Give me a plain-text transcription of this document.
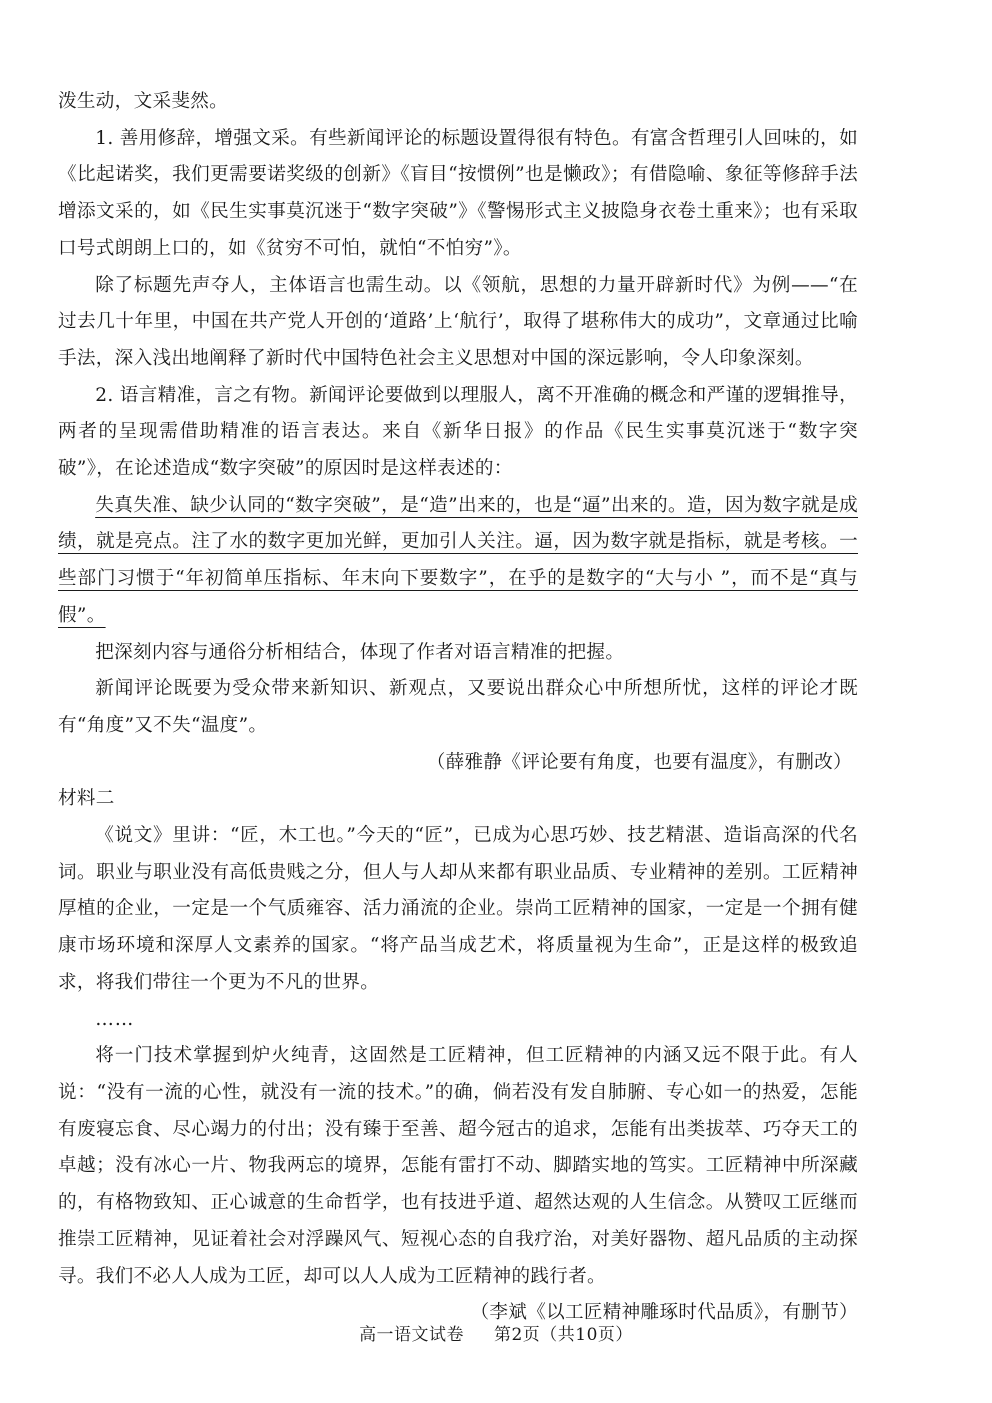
泼生动，文采斐然。

1. 善用修辞，增强文采。有些新闻评论的标题设置得很有特色。有富含哲理引人回味的，如《比起诺奖，我们更需要诺奖级的创新》《盲目“按惯例”也是懒政》；有借隐喻、象征等修辞手法增添文采的，如《民生实事莫沉迷于“数字突破”》《警惕形式主义披隐身衣卷土重来》；也有采取口号式朗朗上口的，如《贫穷不可怕，就怕“不怕穷”》。

除了标题先声夺人，主体语言也需生动。以《领航，思想的力量开辟新时代》为例——“在过去几十年里，中国在共产党人开创的‘道路’上‘航行’，取得了堪称伟大的成功”，文章通过比喻手法，深入浅出地阐释了新时代中国特色社会主义思想对中国的深远影响，令人印象深刻。

2. 语言精准，言之有物。新闻评论要做到以理服人，离不开准确的概念和严谨的逻辑推导，两者的呈现需借助精准的语言表达。来自《新华日报》的作品《民生实事莫沉迷于“数字突破”》，在论述造成“数字突破”的原因时是这样表述的：

失真失准、缺少认同的“数字突破”，是“造”出来的，也是“逼”出来的。造，因为数字就是成绩，就是亮点。注了水的数字更加光鲜，更加引人关注。逼，因为数字就是指标，就是考核。一些部门习惯于“年初简单压指标、年末向下要数字”，在乎的是数字的“大与小 ”，而不是“真与假”。

把深刻内容与通俗分析相结合，体现了作者对语言精准的把握。

新闻评论既要为受众带来新知识、新观点，又要说出群众心中所想所忧，这样的评论才既有“角度”又不失“温度”。

（薛雅静《评论要有角度，也要有温度》，有删改）

材料二

《说文》里讲：“匠，木工也。”今天的“匠”，已成为心思巧妙、技艺精湛、造诣高深的代名词。职业与职业没有高低贵贱之分，但人与人却从来都有职业品质、专业精神的差别。工匠精神厚植的企业，一定是一个气质雍容、活力涌流的企业。崇尚工匠精神的国家，一定是一个拥有健康市场环境和深厚人文素养的国家。“将产品当成艺术，将质量视为生命”，正是这样的极致追求，将我们带往一个更为不凡的世界。

……

将一门技术掌握到炉火纯青，这固然是工匠精神，但工匠精神的内涵又远不限于此。有人说：“没有一流的心性，就没有一流的技术。”的确，倘若没有发自肺腑、专心如一的热爱，怎能有废寝忘食、尽心竭力的付出；没有臻于至善、超今冠古的追求，怎能有出类拔萃、巧夺天工的卓越；没有冰心一片、物我两忘的境界，怎能有雷打不动、脚踏实地的笃实。工匠精神中所深藏的，有格物致知、正心诚意的生命哲学，也有技进乎道、超然达观的人生信念。从赞叹工匠继而推崇工匠精神，见证着社会对浮躁风气、短视心态的自我疗治，对美好器物、超凡品质的主动探寻。我们不必人人成为工匠，却可以人人成为工匠精神的践行者。

（李斌《以工匠精神雕琢时代品质》，有删节）

高一语文试卷 第2页（共10页）
